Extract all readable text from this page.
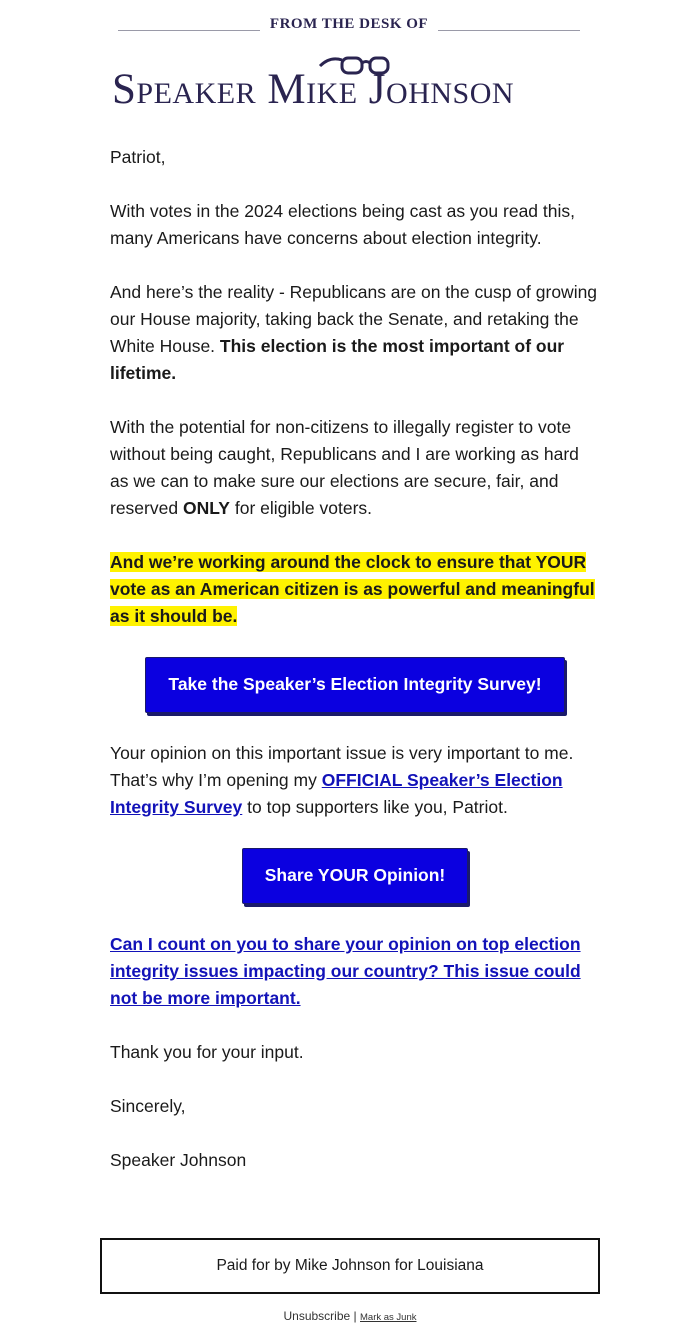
FROM THE DESK OF
Speaker Mike Johnson

Patriot,

With votes in the 2024 elections being cast as you read this, many Americans have concerns about election integrity.

And here’s the reality - Republicans are on the cusp of growing our House majority, taking back the Senate, and retaking the White House. This election is the most important of our lifetime.

With the potential for non-citizens to illegally register to vote without being caught, Republicans and I are working as hard as we can to make sure our elections are secure, fair, and reserved ONLY for eligible voters.

And we’re working around the clock to ensure that YOUR vote as an American citizen is as powerful and meaningful as it should be.

Take the Speaker’s Election Integrity Survey!

Your opinion on this important issue is very important to me. That’s why I’m opening my OFFICIAL Speaker’s Election Integrity Survey to top supporters like you, Patriot.

Share YOUR Opinion!

Can I count on you to share your opinion on top election integrity issues impacting our country? This issue could not be more important.

Thank you for your input.

Sincerely,

Speaker Johnson

Paid for by Mike Johnson for Louisiana
Unsubscribe | Mark as Junk
